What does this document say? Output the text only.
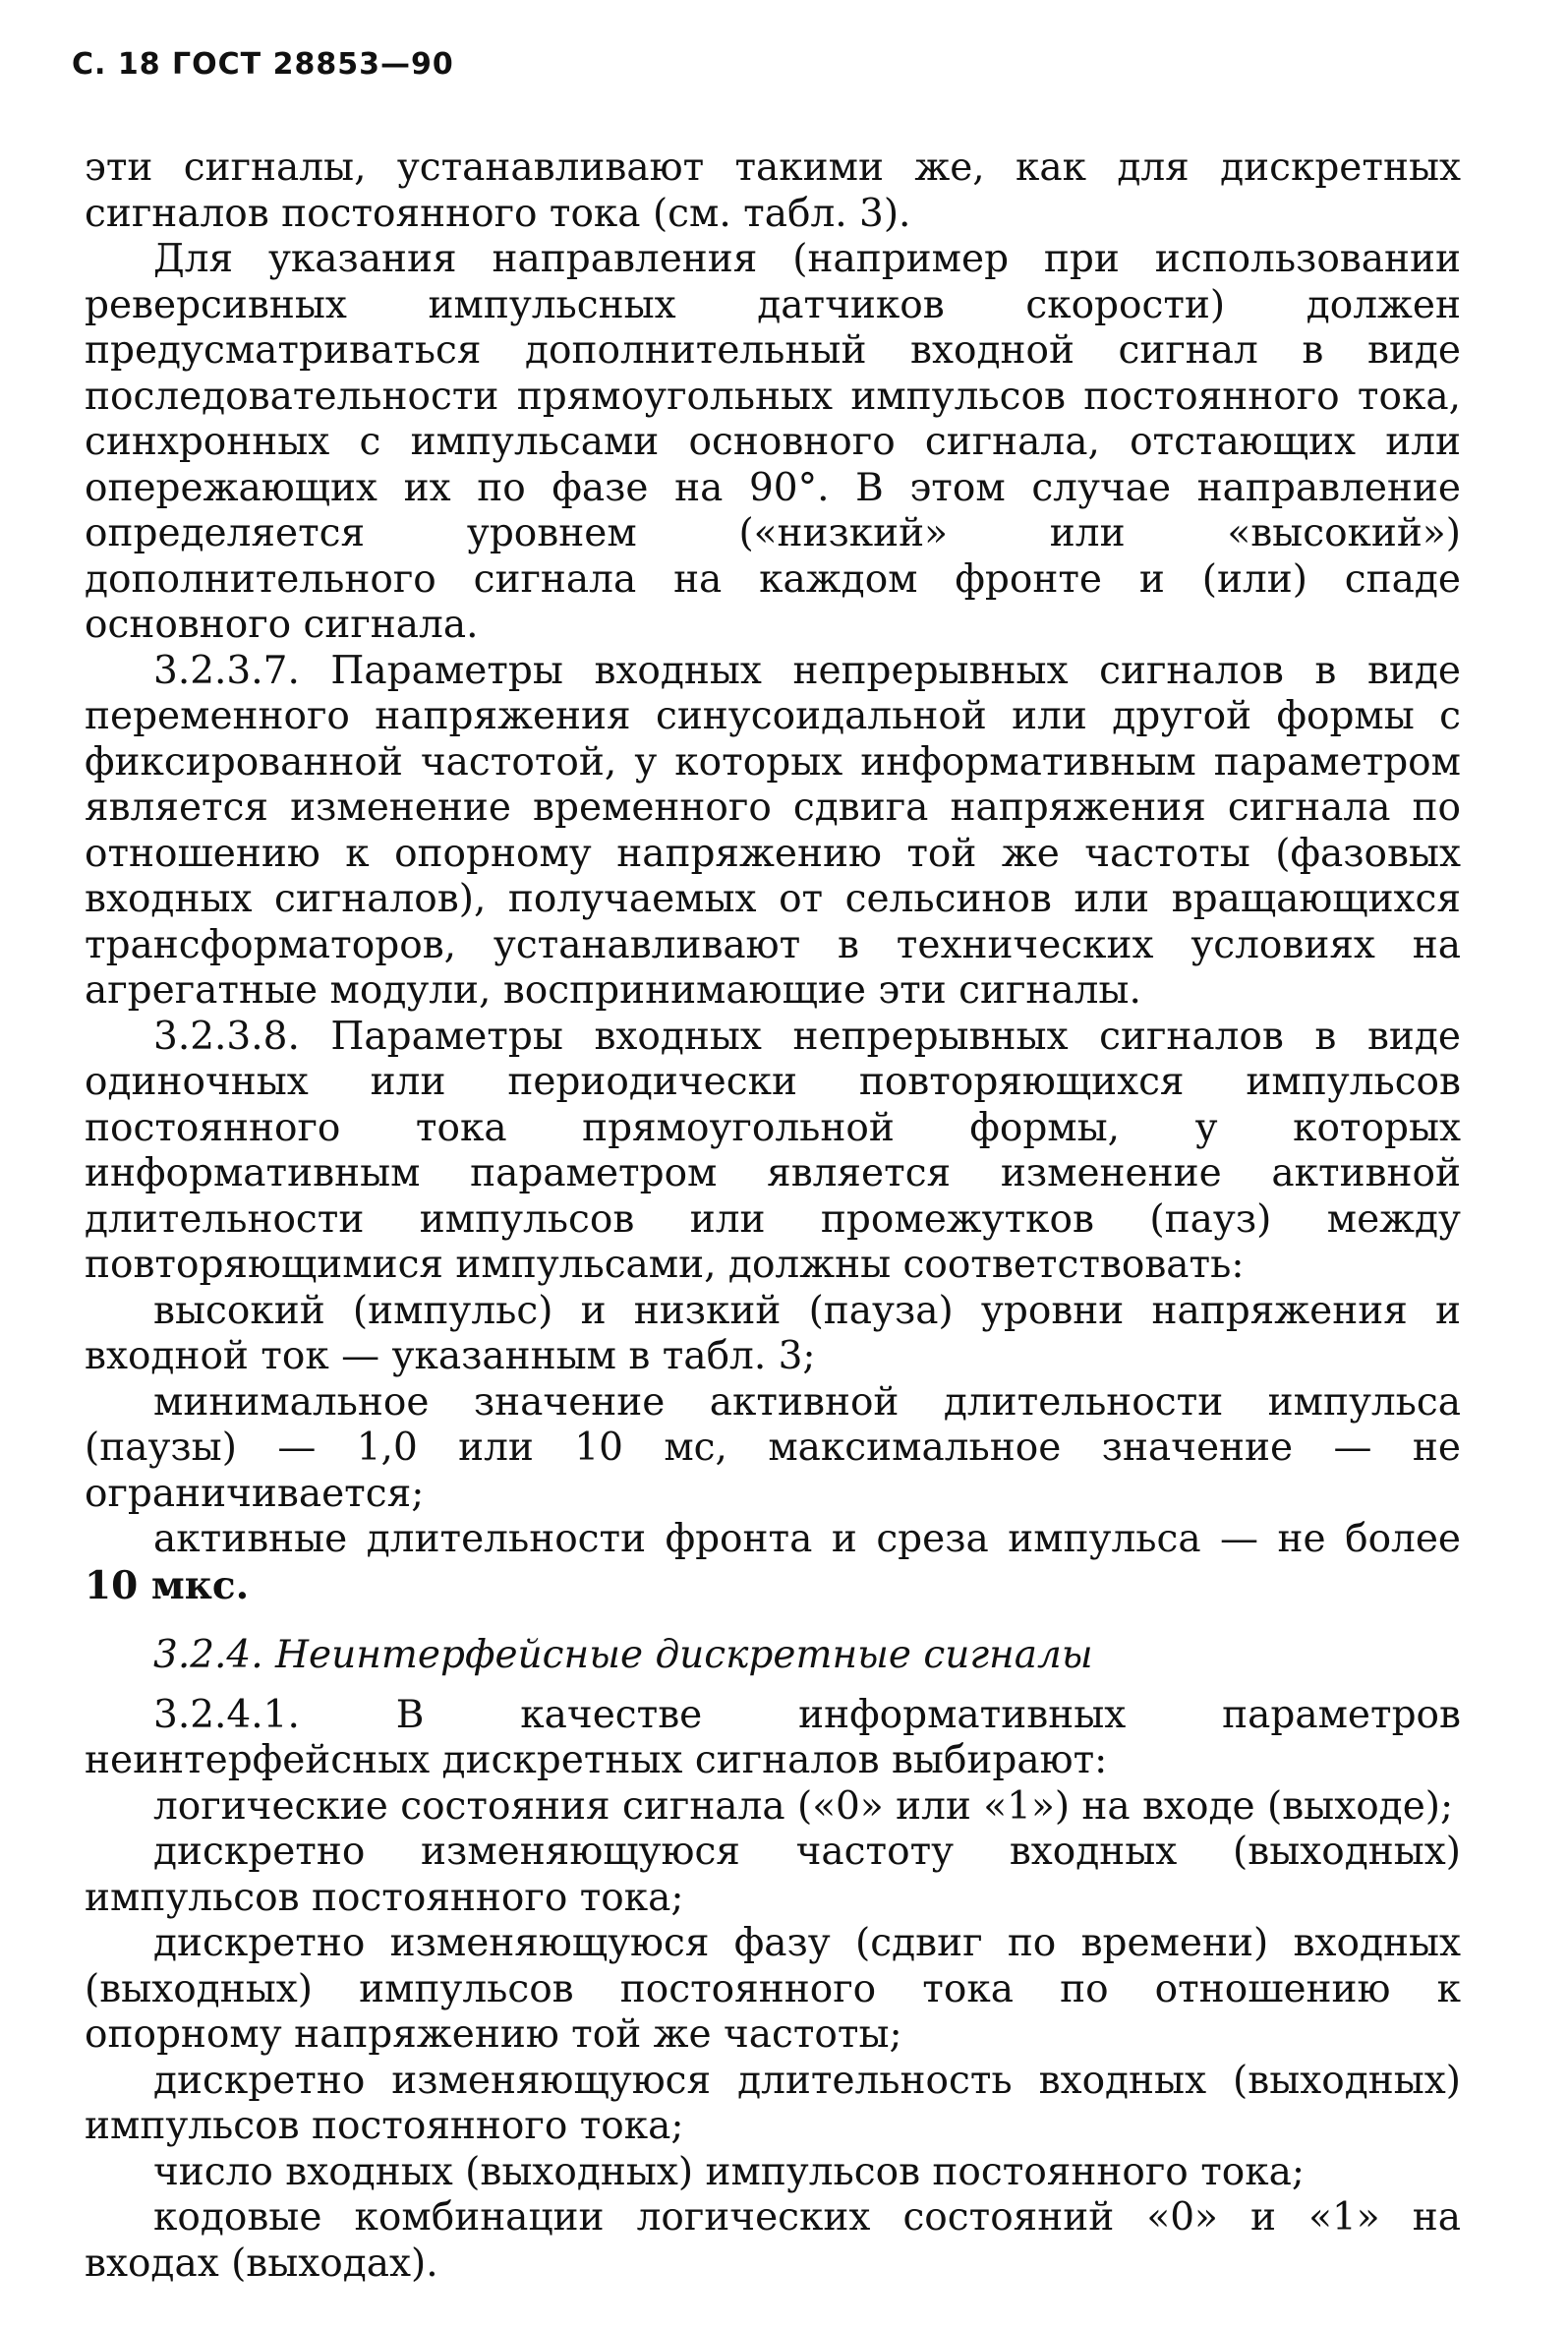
С. 18 ГОСТ 28853—90

эти сигналы, устанавливают такими же, как для дискретных сигналов постоянного тока (см. табл. 3).

Для указания направления (например при использовании реверсивных импульсных датчиков скорости) должен предусматриваться дополнительный входной сигнал в виде последовательности прямоугольных импульсов постоянного тока, синхронных с импульсами основного сигнала, отстающих или опережающих их по фазе на 90°. В этом случае направление определяется уровнем («низкий» или «высокий») дополнительного сигнала на каждом фронте и (или) спаде основного сигнала.

3.2.3.7. Параметры входных непрерывных сигналов в виде переменного напряжения синусоидальной или другой формы с фиксированной частотой, у которых информативным параметром является изменение временного сдвига напряжения сигнала по отношению к опорному напряжению той же частоты (фазовых входных сигналов), получаемых от сельсинов или вращающихся трансформаторов, устанавливают в технических условиях на агрегатные модули, воспринимающие эти сигналы.

3.2.3.8. Параметры входных непрерывных сигналов в виде одиночных или периодически повторяющихся импульсов постоянного тока прямоугольной формы, у которых информативным параметром является изменение активной длительности импульсов или промежутков (пауз) между повторяющимися импульсами, должны соответствовать:

высокий (импульс) и низкий (пауза) уровни напряжения и входной ток — указанным в табл. 3;

минимальное значение активной длительности импульса (паузы) — 1,0 или 10 мс, максимальное значение — не ограничивается;

активные длительности фронта и среза импульса — не более 10 мкс.

3.2.4. Неинтерфейсные дискретные сигналы

3.2.4.1. В качестве информативных параметров неинтерфейсных дискретных сигналов выбирают:

логические состояния сигнала («0» или «1») на входе (выходе);

дискретно изменяющуюся частоту входных (выходных) импульсов постоянного тока;

дискретно изменяющуюся фазу (сдвиг по времени) входных (выходных) импульсов постоянного тока по отношению к опорному напряжению той же частоты;

дискретно изменяющуюся длительность входных (выходных) импульсов постоянного тока;

число входных (выходных) импульсов постоянного тока;

кодовые комбинации логических состояний «0» и «1» на входах (выходах).
